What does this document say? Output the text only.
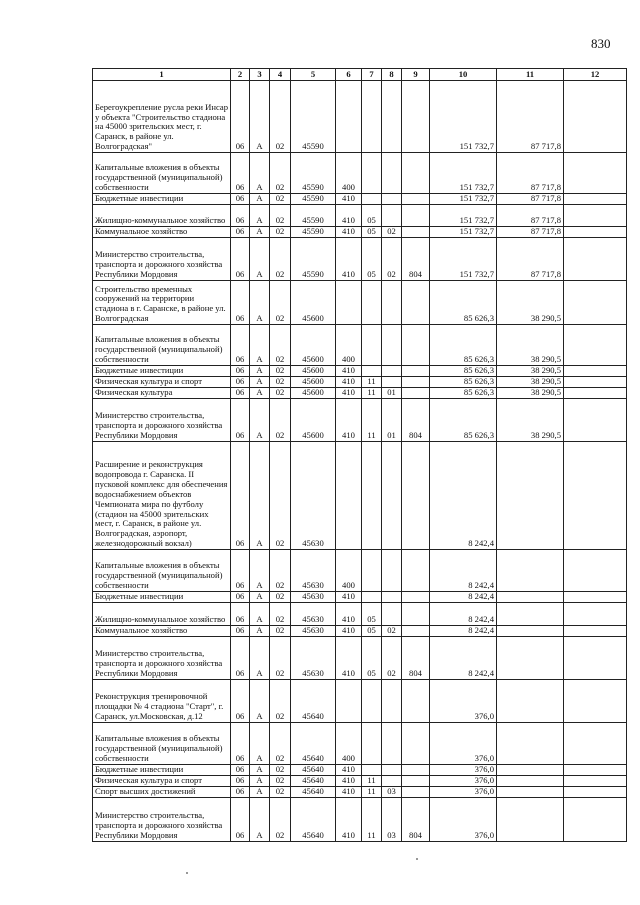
830
1	2	3	4	5	6	7	8	9	10	11	12
Берегоукрепление русла реки Инсар у объекта "Строительство стадиона на 45000 зрительских мест, г. Саранск, в районе ул. Волгоградская"	06	А	02	45590					151 732,7	87 717,8	
Капитальные вложения в объекты государственной (муниципальной) собственности	06	А	02	45590	400				151 732,7	87 717,8	
Бюджетные инвестиции	06	А	02	45590	410				151 732,7	87 717,8	
Жилищно-коммунальное хозяйство	06	А	02	45590	410	05			151 732,7	87 717,8	
Коммунальное хозяйство	06	А	02	45590	410	05	02		151 732,7	87 717,8	
Министерство строительства, транспорта и дорожного хозяйства Республики Мордовия	06	А	02	45590	410	05	02	804	151 732,7	87 717,8	
Строительство временных сооружений на территории стадиона в г. Саранске, в районе ул. Волгоградская	06	А	02	45600					85 626,3	38 290,5	
Капитальные вложения в объекты государственной (муниципальной) собственности	06	А	02	45600	400				85 626,3	38 290,5	
Бюджетные инвестиции	06	А	02	45600	410				85 626,3	38 290,5	
Физическая культура и спорт	06	А	02	45600	410	11			85 626,3	38 290,5	
Физическая культура	06	А	02	45600	410	11	01		85 626,3	38 290,5	
Министерство строительства, транспорта и дорожного хозяйства Республики Мордовия	06	А	02	45600	410	11	01	804	85 626,3	38 290,5	
Расширение и реконструкция водопровода г. Саранска. II пусковой комплекс для обеспечения водоснабжением объектов Чемпионата мира по футболу (стадион на 45000 зрительских мест, г. Саранск, в районе ул. Волгоградская, аэропорт, железнодорожный вокзал)	06	А	02	45630					8 242,4		
Капитальные вложения в объекты государственной (муниципальной) собственности	06	А	02	45630	400				8 242,4		
Бюджетные инвестиции	06	А	02	45630	410				8 242,4		
Жилищно-коммунальное хозяйство	06	А	02	45630	410	05			8 242,4		
Коммунальное хозяйство	06	А	02	45630	410	05	02		8 242,4		
Министерство строительства, транспорта и дорожного хозяйства Республики Мордовия	06	А	02	45630	410	05	02	804	8 242,4		
Реконструкция тренировочной площадки № 4 стадиона "Старт", г. Саранск, ул.Московская, д.12	06	А	02	45640					376,0		
Капитальные вложения в объекты государственной (муниципальной) собственности	06	А	02	45640	400				376,0		
Бюджетные инвестиции	06	А	02	45640	410				376,0		
Физическая культура и спорт	06	А	02	45640	410	11			376,0		
Спорт высших достижений	06	А	02	45640	410	11	03		376,0		
Министерство строительства, транспорта и дорожного хозяйства Республики Мордовия	06	А	02	45640	410	11	03	804	376,0		
